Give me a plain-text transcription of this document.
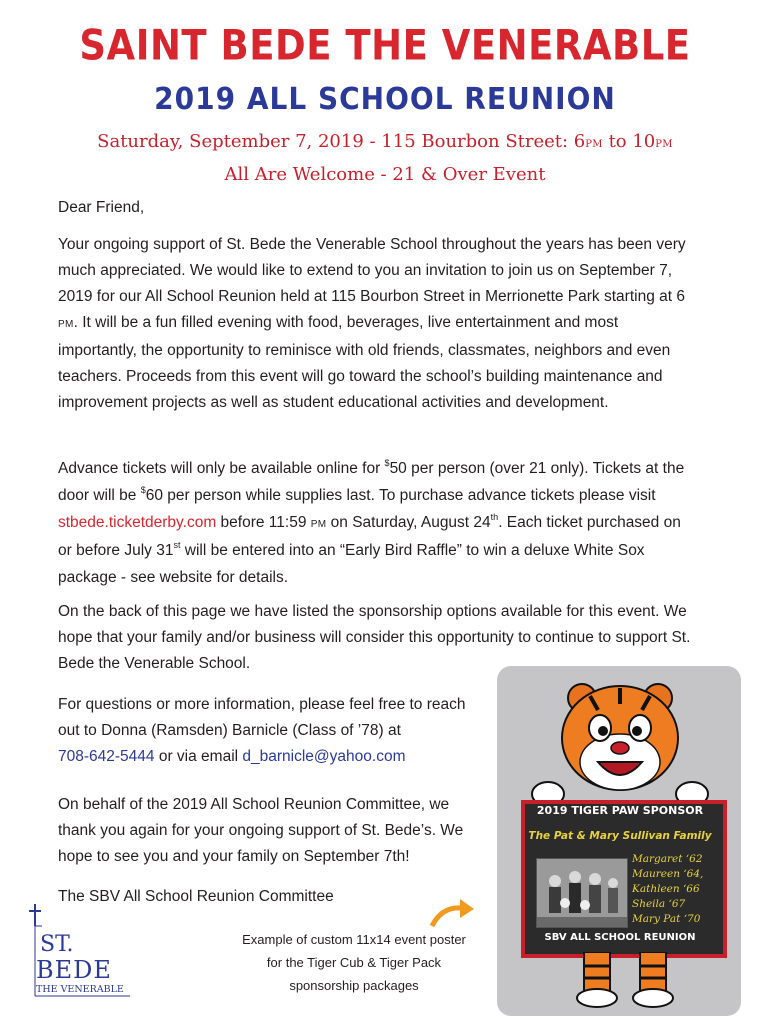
SAINT BEDE THE VENERABLE
2019 ALL SCHOOL REUNION
Saturday, September 7, 2019 - 115 Bourbon Street: 6PM to 10PM
All Are Welcome - 21 & Over Event
Dear Friend,

Your ongoing support of St. Bede the Venerable School throughout the years has been very much appreciated. We would like to extend to you an invitation to join us on September 7, 2019 for our All School Reunion held at 115 Bourbon Street in Merrionette Park starting at 6 PM. It will be a fun filled evening with food, beverages, live entertainment and most importantly, the opportunity to reminisce with old friends, classmates, neighbors and even teachers. Proceeds from this event will go toward the school’s building maintenance and improvement projects as well as student educational activities and development.

Advance tickets will only be available online for $50 per person (over 21 only). Tickets at the door will be $60 per person while supplies last. To purchase advance tickets please visit stbede.ticketderby.com before 11:59 PM on Saturday, August 24th. Each ticket purchased on or before July 31st will be entered into an “Early Bird Raffle” to win a deluxe White Sox package - see website for details.

On the back of this page we have listed the sponsorship options available for this event. We hope that your family and/or business will consider this opportunity to continue to support St. Bede the Venerable School.

For questions or more information, please feel free to reach out to Donna (Ramsden) Barnicle (Class of ’78) at
708-642-5444 or via email d_barnicle@yahoo.com

On behalf of the 2019 All School Reunion Committee, we thank you again for your ongoing support of St. Bede’s. We hope to see you and your family on September 7th!
The SBV All School Reunion Committee
ST.
BEDE
THE VENERABLE
Example of custom 11x14 event poster
for the Tiger Cub & Tiger Pack
sponsorship packages
2019 TIGER PAW SPONSOR
The Pat & Mary Sullivan Family
Margaret ‘62
Maureen ‘64,
Kathleen ‘66
Sheila ‘67
Mary Pat ‘70
SBV ALL SCHOOL REUNION
